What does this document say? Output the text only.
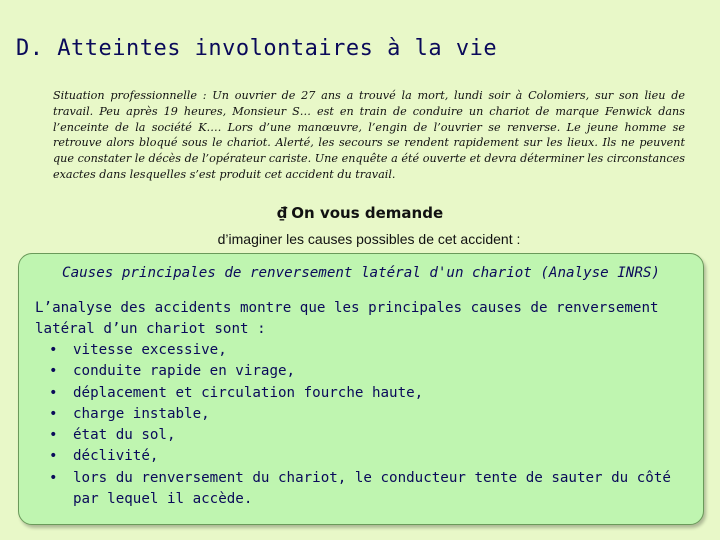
D. Atteintes involontaires à la vie
Situation professionnelle : Un ouvrier de 27 ans a trouvé la mort, lundi soir à Colomiers, sur son lieu de travail. Peu après 19 heures, Monsieur S… est en train de conduire un chariot de marque Fenwick dans l’enceinte de la société K…. Lors d’une manœuvre, l’engin de l’ouvrier se renverse. Le jeune homme se retrouve alors bloqué sous le chariot. Alerté, les secours se rendent rapidement sur les lieux. Ils ne peuvent que constater le décès de l’opérateur cariste. Une enquête a été ouverte et devra déterminer les circonstances exactes dans lesquelles s’est produit cet accident du travail.
₫ On vous demande
d’imaginer les causes possibles de cet accident :
Causes principales de renversement latéral d'un chariot (Analyse INRS)
L’analyse des accidents montre que les principales causes de renversement latéral d’un chariot sont :
• vitesse excessive,
• conduite rapide en virage,
• déplacement et circulation fourche haute,
• charge instable,
• état du sol,
• déclivité,
• lors du renversement du chariot, le conducteur tente de sauter du côté par lequel il accède.
